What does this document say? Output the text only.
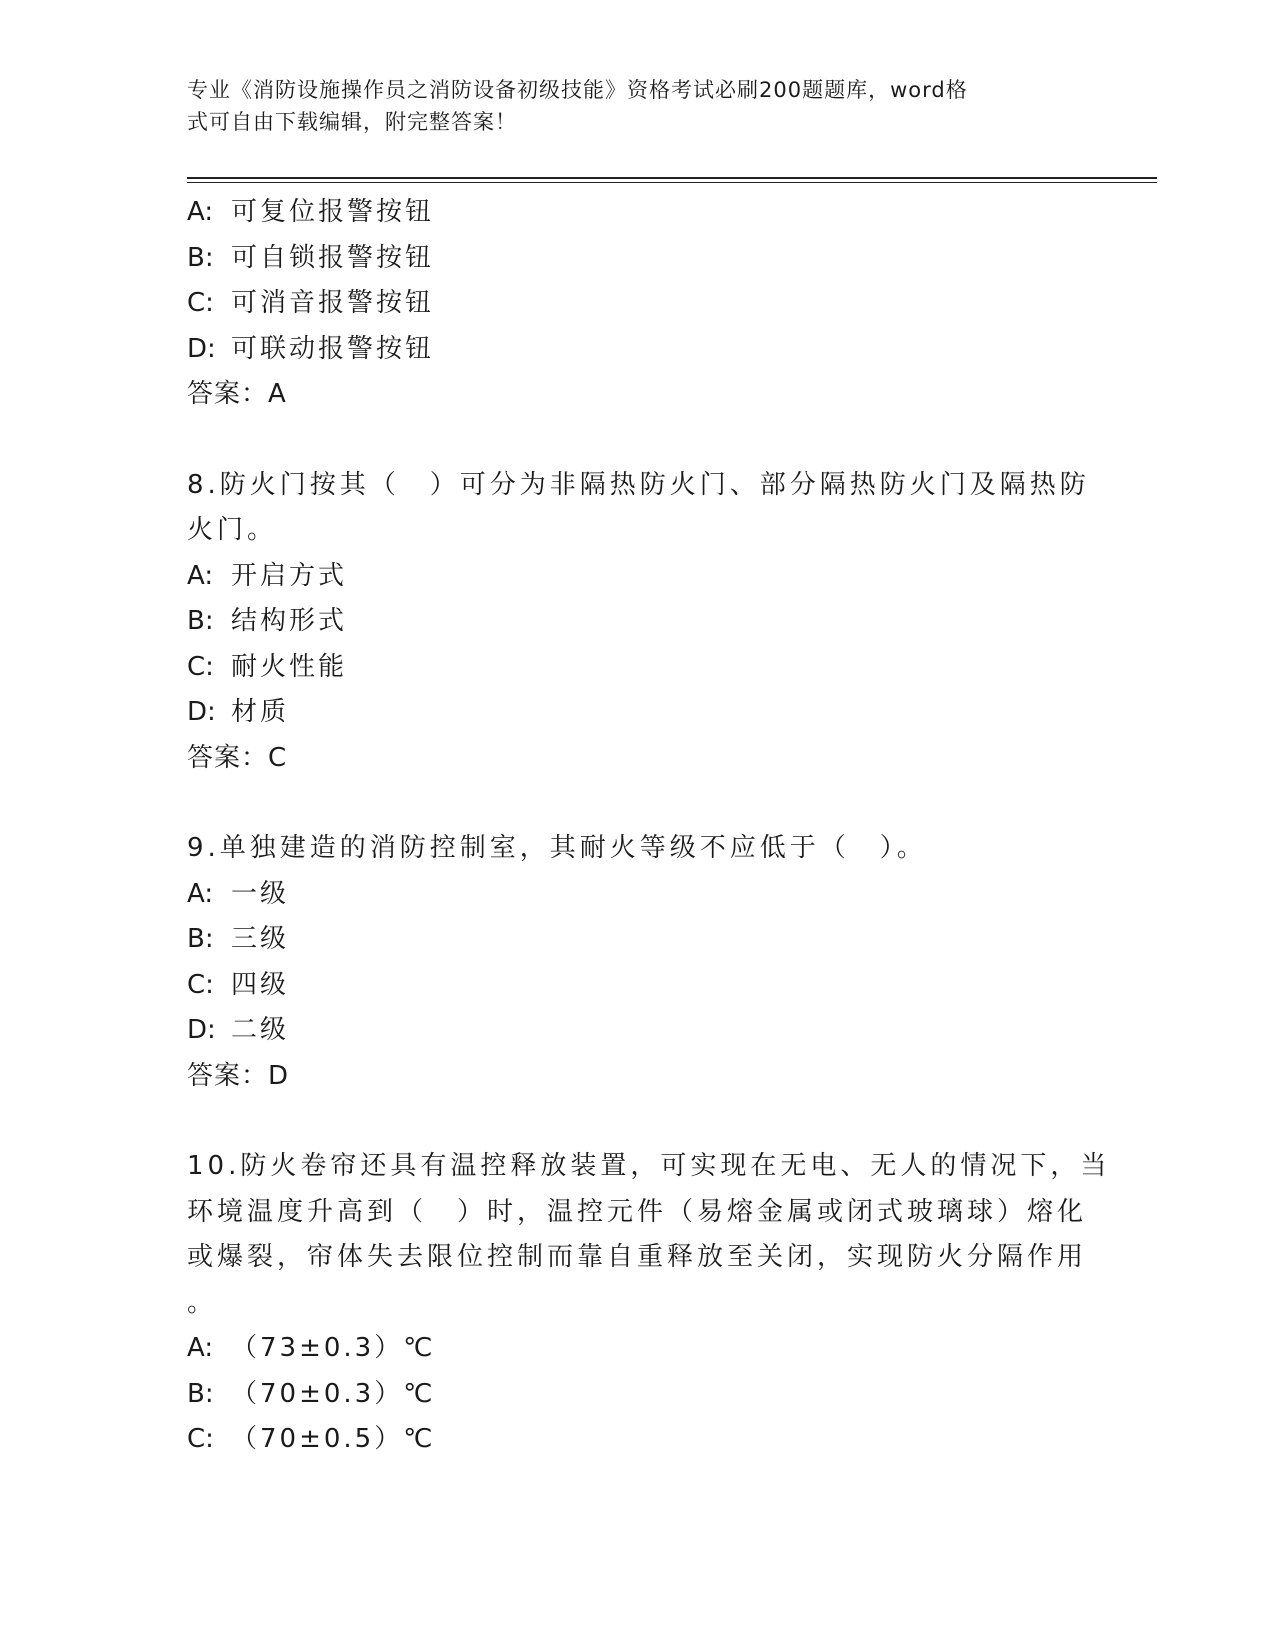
专业《消防设施操作员之消防设备初级技能》资格考试必刷200题题库，word格
式可自由下载编辑，附完整答案！
A: 可复位报警按钮
B: 可自锁报警按钮
C: 可消音报警按钮
D: 可联动报警按钮
答案：A
8.防火门按其（　）可分为非隔热防火门、部分隔热防火门及隔热防
火门。
A: 开启方式
B: 结构形式
C: 耐火性能
D: 材质
答案：C
9.单独建造的消防控制室，其耐火等级不应低于（　）。
A: 一级
B: 三级
C: 四级
D: 二级
答案：D
10.防火卷帘还具有温控释放装置，可实现在无电、无人的情况下，当
环境温度升高到（　）时，温控元件（易熔金属或闭式玻璃球）熔化
或爆裂，帘体失去限位控制而靠自重释放至关闭，实现防火分隔作用
。
A: （73±0.3）℃
B: （70±0.3）℃
C: （70±0.5）℃
